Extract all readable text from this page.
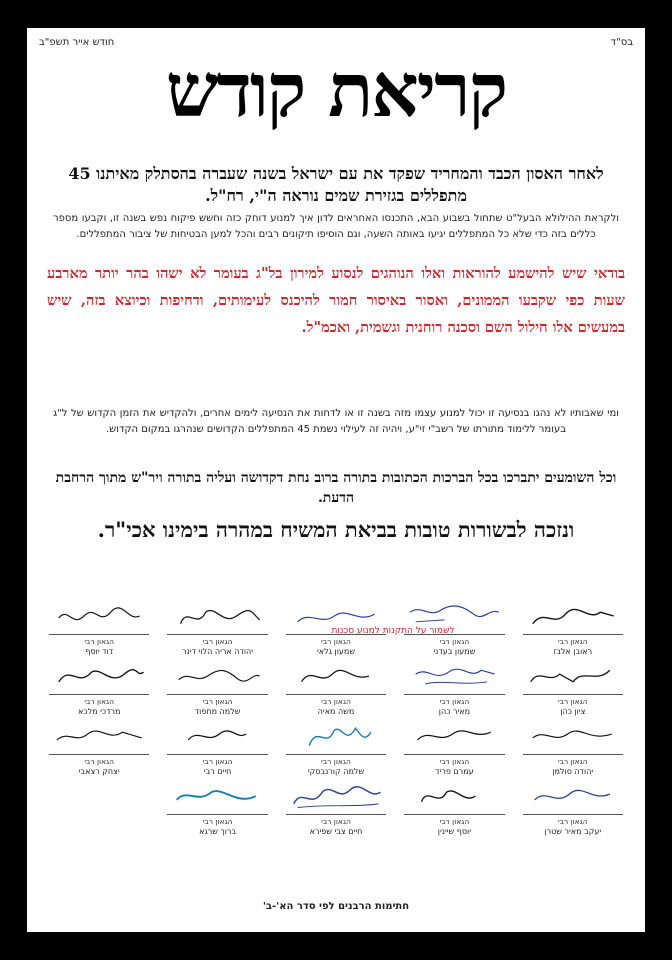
בס"ד
חודש אייר תשפ"ב
קריאת קודש
לאחר האסון הכבד והמחריד שפקד את עם ישראל בשנה שעברה בהסתלק מאיתנו 45 מתפללים בגזירת שמים נוראה ה"י, רח"ל.
ולקראת ההילולא הבעל"ט שתחול בשבוע הבא, התכנסו האחראים לדון איך למנוע דוחק כזה וחשש פיקוח נפש בשנה זו, וקבעו מספר כללים בזה כדי שלא כל המתפללים יגיעו באותה השעה, וגם הוסיפו תיקונים רבים והכל למען הבטיחות של ציבור המתפללים.
בודאי שיש להישמע להוראות ואלו הנוהגים לנסוע למירון בל"ג בעומר לא ישהו בהר יותר מארבע שעות כפי שקבעו הממונים, ואסור באיסור חמור להיכנס לעימותים, ודחיפות וכיוצא בזה, שיש במעשים אלו חילול השם וסכנה רוחנית וגשמית, ואכמ"ל.
ומי שאבותיו לא נהגו בנסיעה זו יכול למנוע עצמו מזה בשנה זו או לדחות את הנסיעה לימים אחרים, ולהקדיש את הזמן הקדוש של ל"ג בעומר ללימוד מתורתו של רשב"י זי"ע, ויהיה זה לעילוי נשמת 45 המתפללים הקדושים שנהרגו במקום הקדוש.
וכל השומעים יתברכו בכל הברכות הכתובות בתורה ברוב נחת דקדושה ועליה בתורה ויר"ש מתוך הרחבת הדעת.
ונזכה לבשורות טובות בביאת המשיח במהרה בימינו אכי"ר.
הגאון רבי
ראובן אלבז
הגאון רבי
שמעון בעדני
הגאון רבי
שמעון גלאי
הגאון רבי
יהודה אריה הלוי דינר
הגאון רבי
דוד יוסף
הגאון רבי
ציון כהן
הגאון רבי
מאיר כהן
הגאון רבי
משה מאיה
הגאון רבי
שלמה מחפוד
הגאון רבי
מרדכי מלכא
הגאון רבי
יהודה סולמן
הגאון רבי
עמרם פריד
הגאון רבי
שלמה קורנבסקי
הגאון רבי
חיים רבי
הגאון רבי
יצחק רצאבי
הגאון רבי
יעקב מאיר שטרן
הגאון רבי
יוסף שיינין
הגאון רבי
חיים צבי שפירא
הגאון רבי
ברוך שרגא
לשמור על התקנות למנוע סכנות
חתימות הרבנים לפי סדר הא'-ב'
